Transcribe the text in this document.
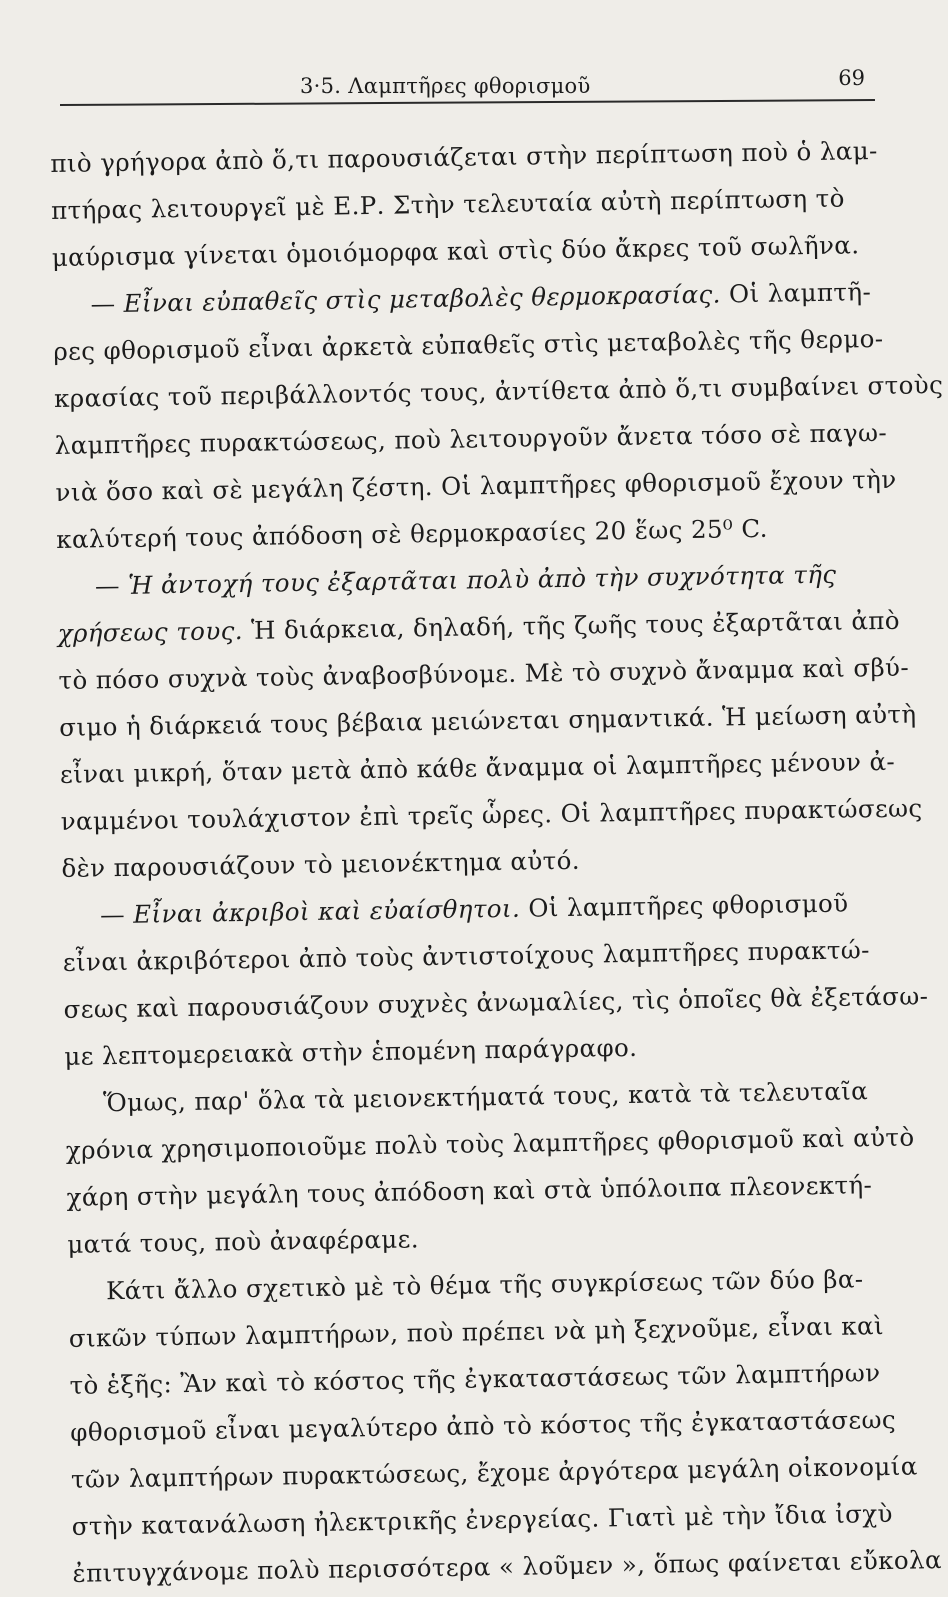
3·5. Λαμπτῆρες φθορισμοῦ	69
πιὸ γρήγορα ἀπὸ ὅ,τι παρουσιάζεται στὴν περίπτωση ποὺ ὁ λαμ-
πτήρας λειτουργεῖ μὲ Ε.Ρ. Στὴν τελευταία αὐτὴ περίπτωση τὸ
μαύρισμα γίνεται ὁμοιόμορφα καὶ στὶς δύο ἄκρες τοῦ σωλῆνα.
— Εἶναι εὐπαθεῖς στὶς μεταβολὲς θερμοκρασίας. Οἱ λαμπτῆ-
ρες φθορισμοῦ εἶναι ἀρκετὰ εὐπαθεῖς στὶς μεταβολὲς τῆς θερμο-
κρασίας τοῦ περιβάλλοντός τους, ἀντίθετα ἀπὸ ὅ,τι συμβαίνει στοὺς
λαμπτῆρες πυρακτώσεως, ποὺ λειτουργοῦν ἄνετα τόσο σὲ παγω-
νιὰ ὅσο καὶ σὲ μεγάλη ζέστη. Οἱ λαμπτῆρες φθορισμοῦ ἔχουν τὴν
καλύτερή τους ἀπόδοση σὲ θερμοκρασίες 20 ἕως 25⁰ C.
— Ἡ ἀντοχή τους ἐξαρτᾶται πολὺ ἀπὸ τὴν συχνότητα τῆς
χρήσεως τους. Ἡ διάρκεια, δηλαδή, τῆς ζωῆς τους ἐξαρτᾶται ἀπὸ
τὸ πόσο συχνὰ τοὺς ἀναβοσβύνομε. Μὲ τὸ συχνὸ ἄναμμα καὶ σβύ-
σιμο ἡ διάρκειά τους βέβαια μειώνεται σημαντικά. Ἡ μείωση αὐτὴ
εἶναι μικρή, ὅταν μετὰ ἀπὸ κάθε ἄναμμα οἱ λαμπτῆρες μένουν ἀ-
ναμμένοι τουλάχιστον ἐπὶ τρεῖς ὧρες. Οἱ λαμπτῆρες πυρακτώσεως
δὲν παρουσιάζουν τὸ μειονέκτημα αὐτό.
— Εἶναι ἀκριβοὶ καὶ εὐαίσθητοι. Οἱ λαμπτῆρες φθορισμοῦ
εἶναι ἀκριβότεροι ἀπὸ τοὺς ἀντιστοίχους λαμπτῆρες πυρακτώ-
σεως καὶ παρουσιάζουν συχνὲς ἀνωμαλίες, τὶς ὁποῖες θὰ ἐξετάσω-
με λεπτομερειακὰ στὴν ἑπομένη παράγραφο.
Ὅμως, παρ' ὅλα τὰ μειονεκτήματά τους, κατὰ τὰ τελευταῖα
χρόνια χρησιμοποιοῦμε πολὺ τοὺς λαμπτῆρες φθορισμοῦ καὶ αὐτὸ
χάρη στὴν μεγάλη τους ἀπόδοση καὶ στὰ ὑπόλοιπα πλεονεκτή-
ματά τους, ποὺ ἀναφέραμε.
Κάτι ἄλλο σχετικὸ μὲ τὸ θέμα τῆς συγκρίσεως τῶν δύο βα-
σικῶν τύπων λαμπτήρων, ποὺ πρέπει νὰ μὴ ξεχνοῦμε, εἶναι καὶ
τὸ ἑξῆς: Ἂν καὶ τὸ κόστος τῆς ἐγκαταστάσεως τῶν λαμπτήρων
φθορισμοῦ εἶναι μεγαλύτερο ἀπὸ τὸ κόστος τῆς ἐγκαταστάσεως
τῶν λαμπτήρων πυρακτώσεως, ἔχομε ἀργότερα μεγάλη οἰκονομία
στὴν κατανάλωση ἠλεκτρικῆς ἐνεργείας. Γιατὶ μὲ τὴν ἴδια ἰσχὺ
ἐπιτυγχάνομε πολὺ περισσότερα « λοῦμεν », ὅπως φαίνεται εὔκολα
